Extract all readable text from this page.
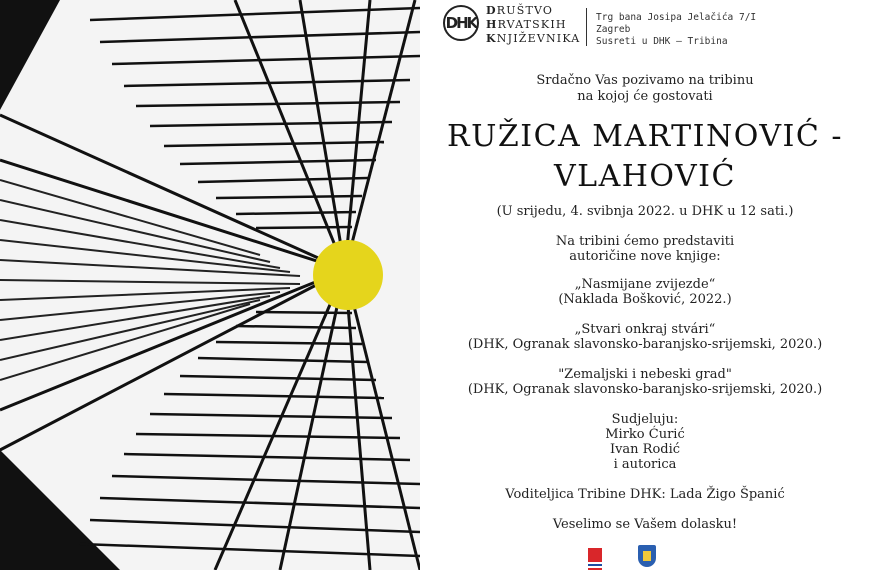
DHK
DRUŠTVO
HRVATSKIH
KNJIŽEVNIKA
Trg bana Josipa Jelačića 7/I
Zagreb
Susreti u DHK – Tribina
Srdačno Vas pozivamo na tribinu
na kojoj će gostovati
RUŽICA MARTINOVIĆ -
VLAHOVIĆ
(U srijedu, 4. svibnja 2022. u DHK u 12 sati.)
Na tribini ćemo predstaviti
autoričine nove knjige:
„Nasmijane zvijezde“
(Naklada Bošković, 2022.)
„Stvari onkraj stvári“
(DHK, Ogranak slavonsko-baranjsko-srijemski, 2020.)
"Zemaljski i nebeski grad"
(DHK, Ogranak slavonsko-baranjsko-srijemski, 2020.)
Sudjeluju:
Mirko Ćurić
Ivan Rodić
i autorica
Voditeljica Tribine DHK: Lada Žigo Španić
Veselimo se Vašem dolasku!
